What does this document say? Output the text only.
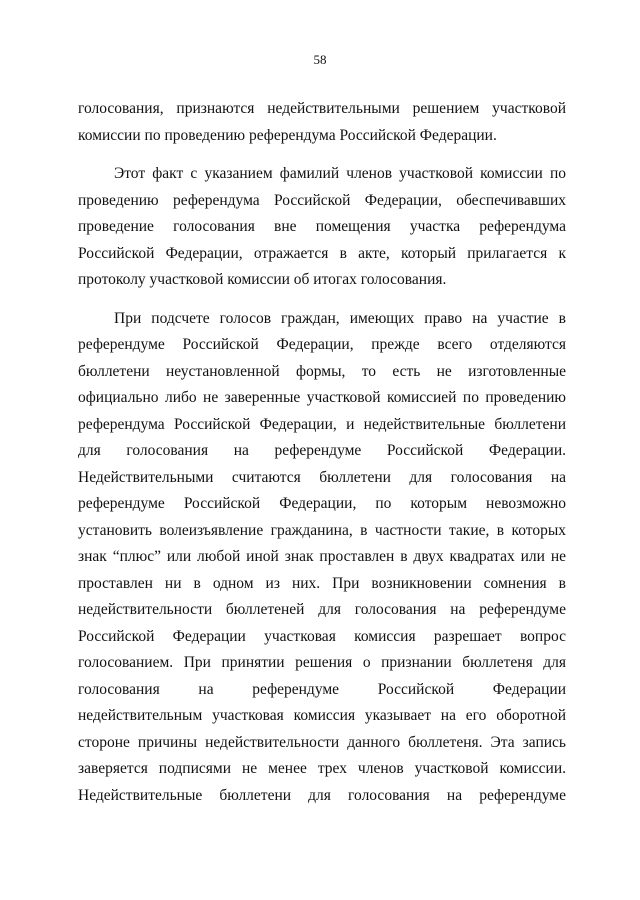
58

голосования, признаются недействительными решением участковой
комиссии по проведению референдума Российской Федерации.

Этот факт с указанием фамилий членов участковой комиссии по
проведению референдума Российской Федерации, обеспечивавших
проведение голосования вне помещения участка референдума
Российской Федерации, отражается в акте, который прилагается к
протоколу участковой комиссии об итогах голосования.

При подсчете голосов граждан, имеющих право на участие в
референдуме Российской Федерации, прежде всего отделяются
бюллетени неустановленной формы, то есть не изготовленные
официально либо не заверенные участковой комиссией по проведению
референдума Российской Федерации, и недействительные бюллетени
для голосования на референдуме Российской Федерации.
Недействительными считаются бюллетени для голосования на
референдуме Российской Федерации, по которым невозможно
установить волеизъявление гражданина, в частности такие, в которых
знак “плюс” или любой иной знак проставлен в двух квадратах или не
проставлен ни в одном из них. При возникновении сомнения в
недействительности бюллетеней для голосования на референдуме
Российской Федерации участковая комиссия разрешает вопрос
голосованием. При принятии решения о признании бюллетеня для
голосования на референдуме Российской Федерации
недействительным участковая комиссия указывает на его оборотной
стороне причины недействительности данного бюллетеня. Эта запись
заверяется подписями не менее трех членов участковой комиссии.
Недействительные бюллетени для голосования на референдуме
